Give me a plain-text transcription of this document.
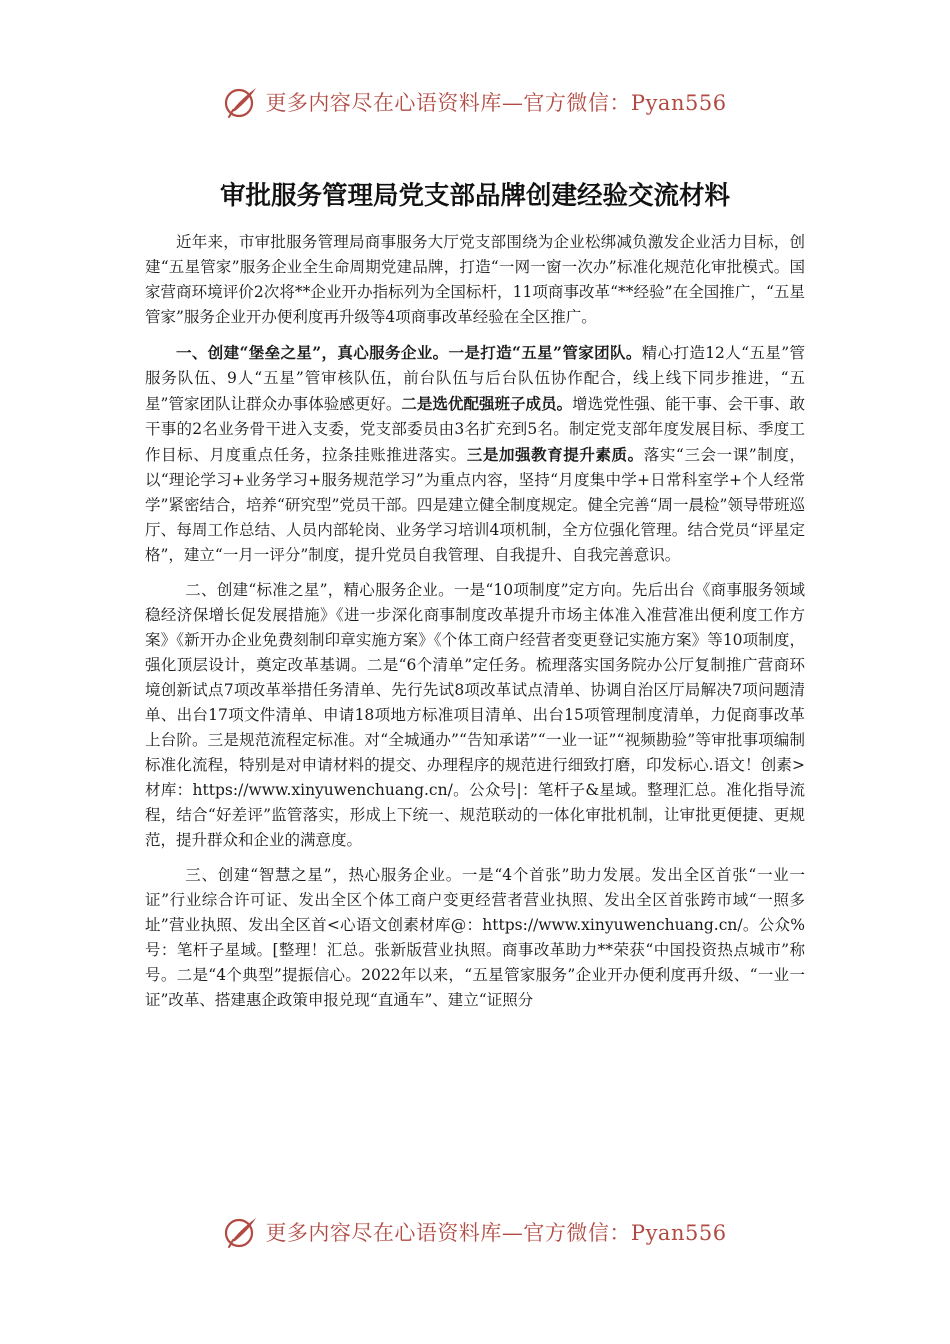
更多内容尽在心语资料库—官方微信：Pyan556
审批服务管理局党支部品牌创建经验交流材料

近年来，市审批服务管理局商事服务大厅党支部围绕为企业松绑减负激发企业活力目标，创建“五星管家”服务企业全生命周期党建品牌，打造“一网一窗一次办”标准化规范化审批模式。国家营商环境评价2次将**企业开办指标列为全国标杆，11项商事改革“**经验”在全国推广，“五星管家”服务企业开办便利度再升级等4项商事改革经验在全区推广。

一、创建“堡垒之星”，真心服务企业。一是打造“五星”管家团队。精心打造12人“五星”管服务队伍、9人“五星”管审核队伍，前台队伍与后台队伍协作配合，线上线下同步推进，“五星”管家团队让群众办事体验感更好。二是选优配强班子成员。增选党性强、能干事、会干事、敢干事的2名业务骨干进入支委，党支部委员由3名扩充到5名。制定党支部年度发展目标、季度工作目标、月度重点任务，拉条挂账推进落实。三是加强教育提升素质。落实“三会一课”制度，以“理论学习+业务学习+服务规范学习”为重点内容，坚持“月度集中学+日常科室学+个人经常学”紧密结合，培养“研究型”党员干部。四是建立健全制度规定。健全完善“周一晨检”领导带班巡厅、每周工作总结、人员内部轮岗、业务学习培训4项机制，全方位强化管理。结合党员“评星定格”，建立“一月一评分”制度，提升党员自我管理、自我提升、自我完善意识。

二、创建“标准之星”，精心服务企业。一是“10项制度”定方向。先后出台《商事服务领域稳经济保增长促发展措施》《进一步深化商事制度改革提升市场主体准入准营准出便利度工作方案》《新开办企业免费刻制印章实施方案》《个体工商户经营者变更登记实施方案》等10项制度，强化顶层设计，奠定改革基调。二是“6个清单”定任务。梳理落实国务院办公厅复制推广营商环境创新试点7项改革举措任务清单、先行先试8项改革试点清单、协调自治区厅局解决7项问题清单、出台17项文件清单、申请18项地方标准项目清单、出台15项管理制度清单，力促商事改革上台阶。三是规范流程定标准。对“全城通办”“告知承诺”“一业一证”“视频勘验”等审批事项编制标准化流程，特别是对申请材料的提交、办理程序的规范进行细致打磨，印发标心.语文！创素>材库：https://www.xinyuwenchuang.cn/。公众号|：笔杆子&星域。整理汇总。准化指导流程，结合“好差评”监管落实，形成上下统一、规范联动的一体化审批机制，让审批更便捷、更规范，提升群众和企业的满意度。

三、创建“智慧之星”，热心服务企业。一是“4个首张”助力发展。发出全区首张“一业一证”行业综合许可证、发出全区个体工商户变更经营者营业执照、发出全区首张跨市域“一照多址”营业执照、发出全区首<心语文创素材库@：https://www.xinyuwenchuang.cn/。公众%号：笔杆子星域。[整理！汇总。张新版营业执照。商事改革助力**荣获“中国投资热点城市”称号。二是“4个典型”提振信心。2022年以来，“五星管家服务”企业开办便利度再升级、“一业一证”改革、搭建惠企政策申报兑现“直通车”、建立“证照分

更多内容尽在心语资料库—官方微信：Pyan556
